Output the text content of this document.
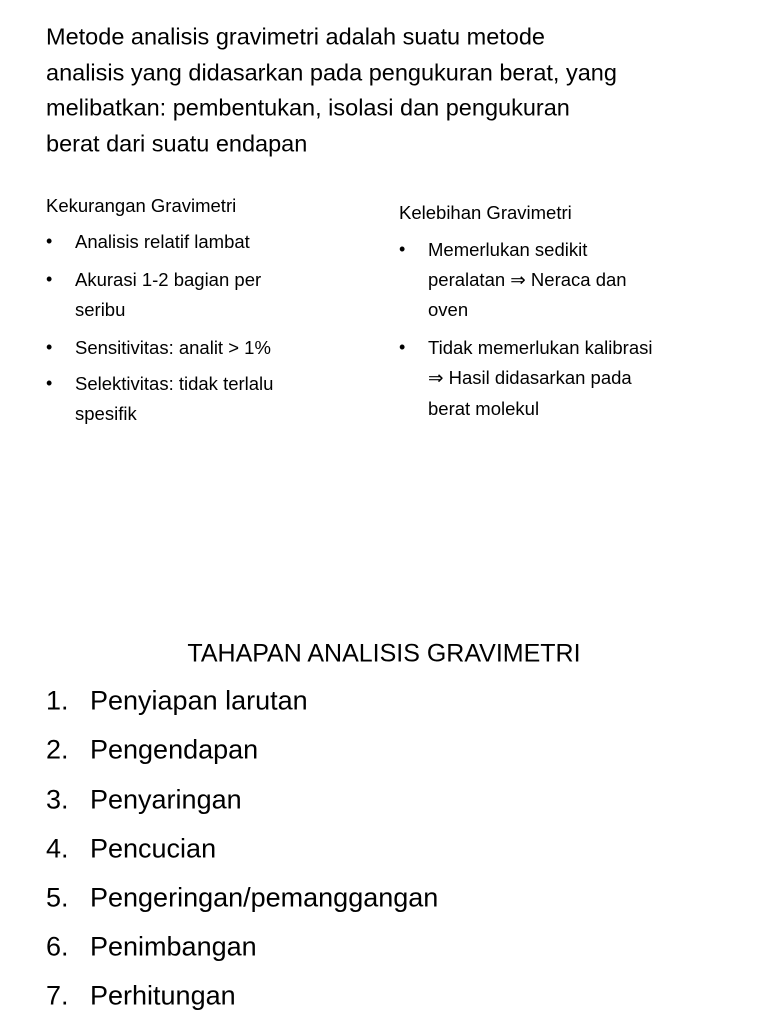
Metode analisis gravimetri adalah suatu metode
analisis yang didasarkan pada pengukuran berat, yang
melibatkan: pembentukan, isolasi dan pengukuran
berat dari suatu endapan
Kekurangan Gravimetri
• Analisis relatif lambat
• Akurasi 1-2 bagian per
seribu
• Sensitivitas: analit > 1%
• Selektivitas: tidak terlalu
spesifik
Kelebihan Gravimetri
• Memerlukan sedikit
peralatan ⇒ Neraca dan
oven
• Tidak memerlukan kalibrasi
⇒ Hasil didasarkan pada
berat molekul
TAHAPAN ANALISIS GRAVIMETRI
1. Penyiapan larutan
2. Pengendapan
3. Penyaringan
4. Pencucian
5. Pengeringan/pemanggangan
6. Penimbangan
7. Perhitungan
